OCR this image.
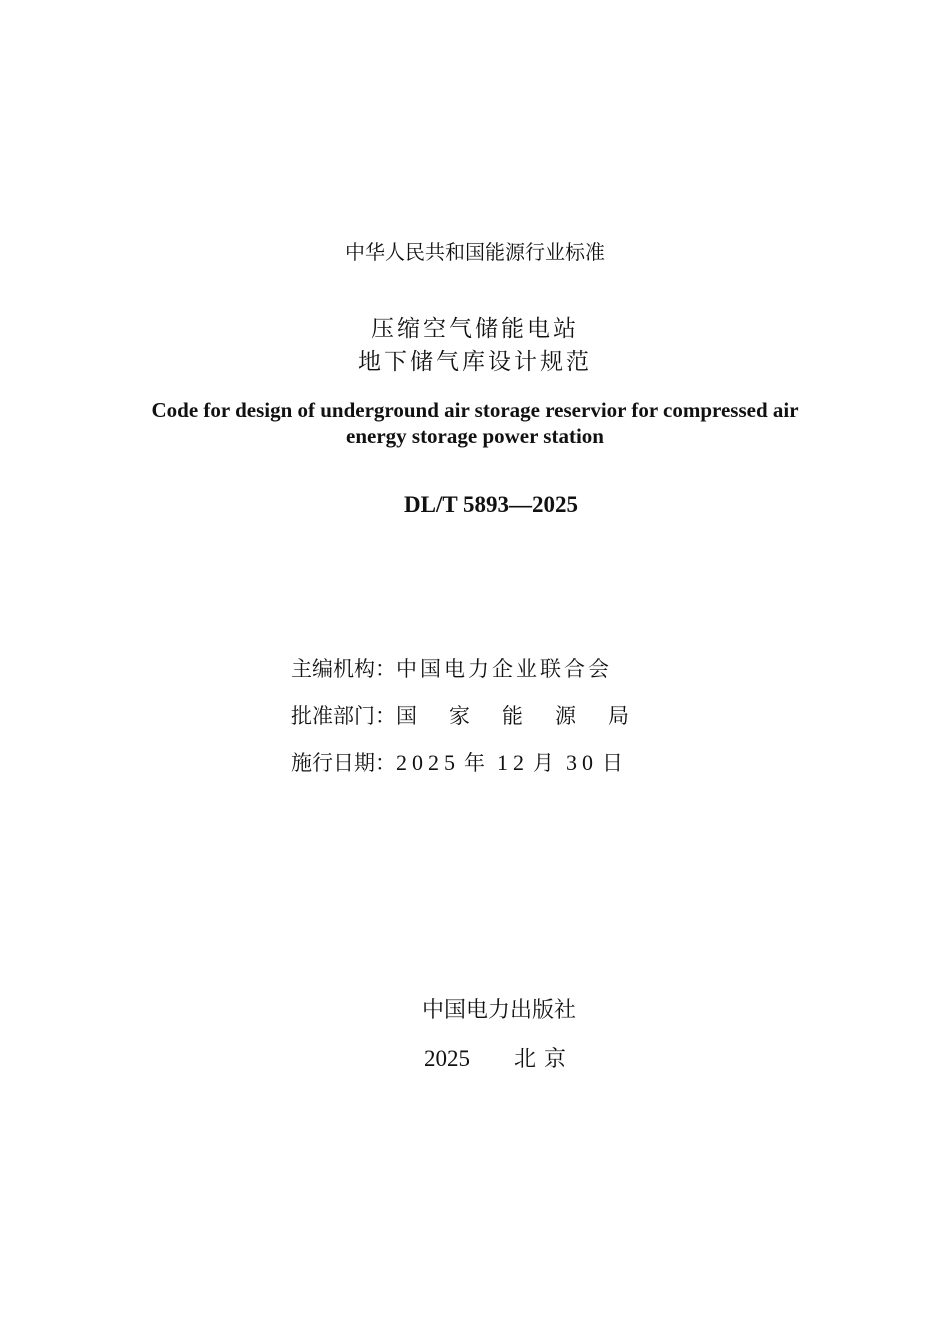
中华人民共和国能源行业标准
压缩空气储能电站
地下储气库设计规范
Code for design of underground air storage reservior for compressed air
energy storage power station
DL/T 5893—2025
主编机构： 中国电力企业联合会
批准部门： 国	家	能	源	局
施行日期： 2025 年 12 月 30 日
中国电力出版社
2025	北京
